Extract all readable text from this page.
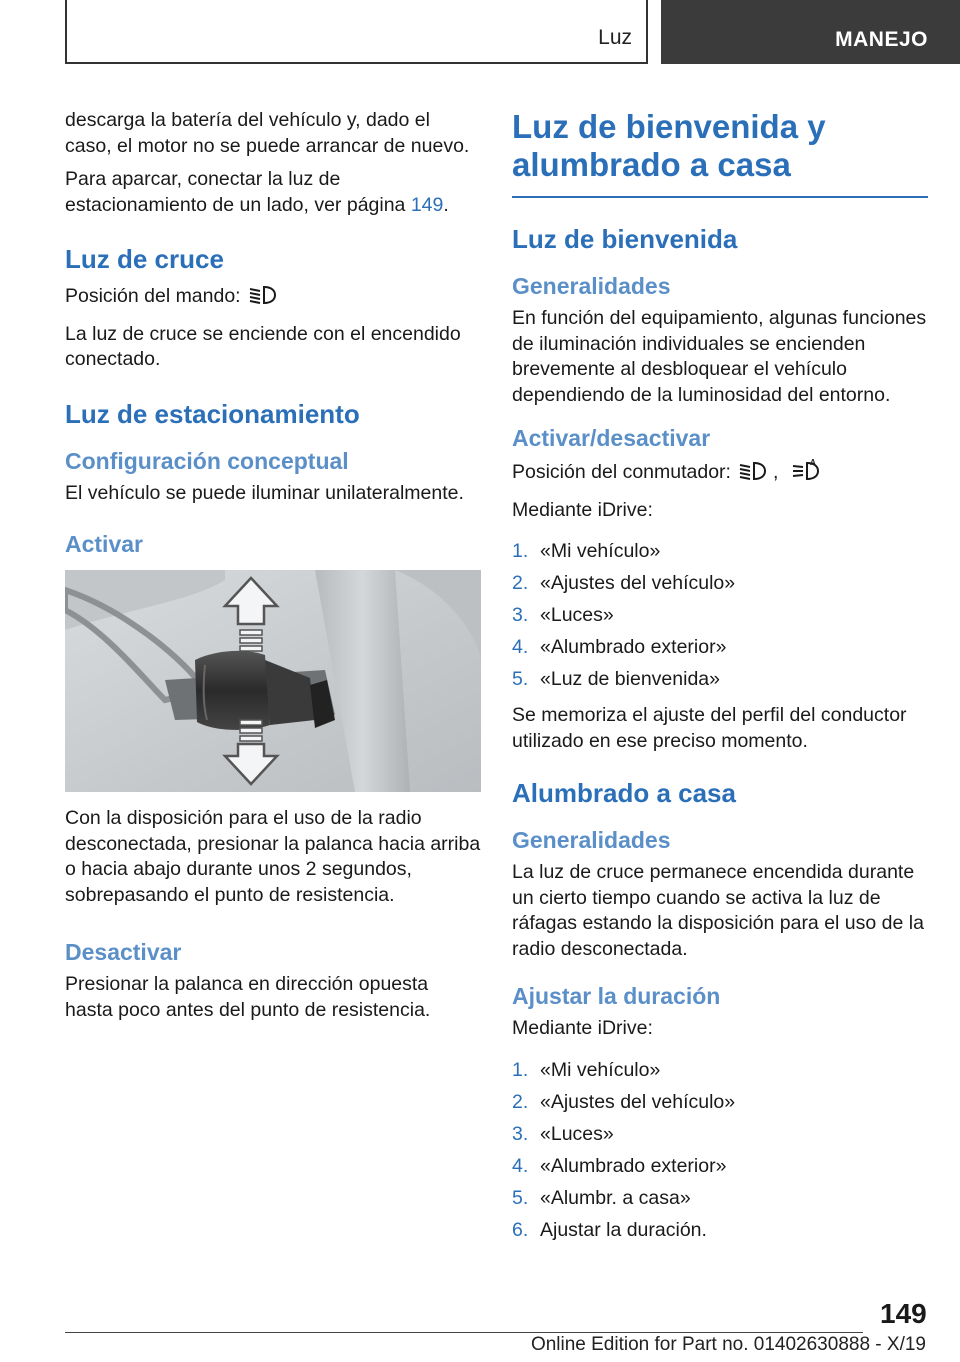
Luz	MANEJO

descarga la batería del vehículo y, dado el caso, el motor no se puede arrancar de nuevo.

Para aparcar, conectar la luz de estacionamiento de un lado, ver página 149.

Luz de cruce

Posición del mando:

La luz de cruce se enciende con el encendido conectado.

Luz de estacionamiento
Configuración conceptual

El vehículo se puede iluminar unilateralmente.

Activar

Con la disposición para el uso de la radio desconectada, presionar la palanca hacia arriba o hacia abajo durante unos 2 segundos, sobrepasando el punto de resistencia.

Desactivar

Presionar la palanca en dirección opuesta hasta poco antes del punto de resistencia.

Luz de bienvenida y alumbrado a casa
Luz de bienvenida
Generalidades

En función del equipamiento, algunas funciones de iluminación individuales se encienden brevemente al desbloquear el vehículo dependiendo de la luminosidad del entorno.

Activar/desactivar

Posición del conmutador: ,	A

Mediante iDrive:

1. «Mi vehículo»
2. «Ajustes del vehículo»
3. «Luces»
4. «Alumbrado exterior»
5. «Luz de bienvenida»

Se memoriza el ajuste del perfil del conductor utilizado en ese preciso momento.

Alumbrado a casa
Generalidades

La luz de cruce permanece encendida durante un cierto tiempo cuando se activa la luz de ráfagas estando la disposición para el uso de la radio desconectada.

Ajustar la duración

Mediante iDrive:

1. «Mi vehículo»
2. «Ajustes del vehículo»
3. «Luces»
4. «Alumbrado exterior»
5. «Alumbr. a casa»
6. Ajustar la duración.
149
Online Edition for Part no. 01402630888 - X/19
